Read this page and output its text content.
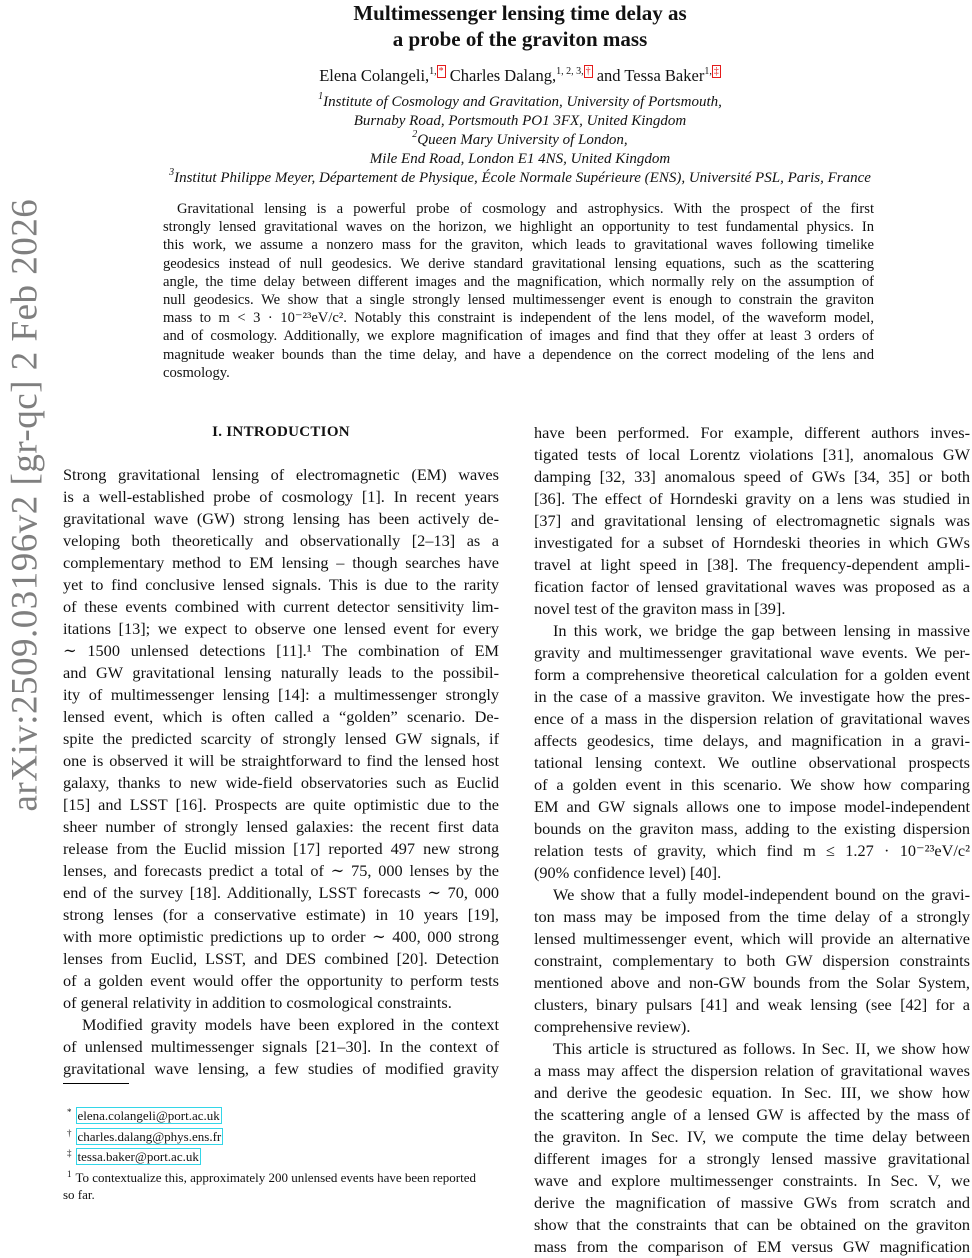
arXiv:2509.03196v2 [gr-qc] 2 Feb 2026
Multimessenger lensing time delay as
a probe of the graviton mass
Elena Colangeli,$^{1,}$ * Charles Dalang,$^{1, 2, 3,}$ † and Tessa Baker$^{1,}$ ‡
$^1$Institute of Cosmology and Gravitation, University of Portsmouth,
Burnaby Road, Portsmouth PO1 3FX, United Kingdom
$^2$Queen Mary University of London,
Mile End Road, London E1 4NS, United Kingdom
$^3$Institut Philippe Meyer, Département de Physique, École Normale Supérieure (ENS), Université PSL, Paris, France
Gravitational lensing is a powerful probe of cosmology and astrophysics. With the prospect of the first
strongly lensed gravitational waves on the horizon, we highlight an opportunity to test fundamental physics. In
this work, we assume a nonzero mass for the graviton, which leads to gravitational waves following timelike
geodesics instead of null geodesics. We derive standard gravitational lensing equations, such as the scattering
angle, the time delay between different images and the magnification, which normally rely on the assumption of
null geodesics. We show that a single strongly lensed multimessenger event is enough to constrain the graviton
mass to m < 3 · 10⁻²³eV/c². Notably this constraint is independent of the lens model, of the waveform model,
and of cosmology. Additionally, we explore magnification of images and find that they offer at least 3 orders of
magnitude weaker bounds than the time delay, and have a dependence on the correct modeling of the lens and
cosmology.
I. INTRODUCTION
Strong gravitational lensing of electromagnetic (EM) waves
is a well-established probe of cosmology [1]. In recent years
gravitational wave (GW) strong lensing has been actively de-
veloping both theoretically and observationally [2–13] as a
complementary method to EM lensing – though searches have
yet to find conclusive lensed signals. This is due to the rarity
of these events combined with current detector sensitivity lim-
itations [13]; we expect to observe one lensed event for every
∼ 1500 unlensed detections [11].¹ The combination of EM
and GW gravitational lensing naturally leads to the possibil-
ity of multimessenger lensing [14]: a multimessenger strongly
lensed event, which is often called a “golden” scenario. De-
spite the predicted scarcity of strongly lensed GW signals, if
one is observed it will be straightforward to find the lensed host
galaxy, thanks to new wide-field observatories such as Euclid
[15] and LSST [16]. Prospects are quite optimistic due to the
sheer number of strongly lensed galaxies: the recent first data
release from the Euclid mission [17] reported 497 new strong
lenses, and forecasts predict a total of ∼ 75, 000 lenses by the
end of the survey [18]. Additionally, LSST forecasts ∼ 70, 000
strong lenses (for a conservative estimate) in 10 years [19],
with more optimistic predictions up to order ∼ 400, 000 strong
lenses from Euclid, LSST, and DES combined [20]. Detection
of a golden event would offer the opportunity to perform tests
of general relativity in addition to cosmological constraints.
Modified gravity models have been explored in the context
of unlensed multimessenger signals [21–30]. In the context of
gravitational wave lensing, a few studies of modified gravity
have been performed. For example, different authors inves-
tigated tests of local Lorentz violations [31], anomalous GW
damping [32, 33] anomalous speed of GWs [34, 35] or both
[36]. The effect of Horndeski gravity on a lens was studied in
[37] and gravitational lensing of electromagnetic signals was
investigated for a subset of Horndeski theories in which GWs
travel at light speed in [38]. The frequency-dependent ampli-
fication factor of lensed gravitational waves was proposed as a
novel test of the graviton mass in [39].
In this work, we bridge the gap between lensing in massive
gravity and multimessenger gravitational wave events. We per-
form a comprehensive theoretical calculation for a golden event
in the case of a massive graviton. We investigate how the pres-
ence of a mass in the dispersion relation of gravitational waves
affects geodesics, time delays, and magnification in a gravi-
tational lensing context. We outline observational prospects
of a golden event in this scenario. We show how comparing
EM and GW signals allows one to impose model-independent
bounds on the graviton mass, adding to the existing dispersion
relation tests of gravity, which find m ≤ 1.27 · 10⁻²³eV/c²
(90% confidence level) [40].
We show that a fully model-independent bound on the gravi-
ton mass may be imposed from the time delay of a strongly
lensed multimessenger event, which will provide an alternative
constraint, complementary to both GW dispersion constraints
mentioned above and non-GW bounds from the Solar System,
clusters, binary pulsars [41] and weak lensing (see [42] for a
comprehensive review).
This article is structured as follows. In Sec. II, we show how
a mass may affect the dispersion relation of gravitational waves
and derive the geodesic equation. In Sec. III, we show how
the scattering angle of a lensed GW is affected by the mass of
the graviton. In Sec. IV, we compute the time delay between
different images for a strongly lensed massive gravitational
wave and explore multimessenger constraints. In Sec. V, we
derive the magnification of massive GWs from scratch and
show that the constraints that can be obtained on the graviton
mass from the comparison of EM versus GW magnification
* elena.colangeli@port.ac.uk
† charles.dalang@phys.ens.fr
‡ tessa.baker@port.ac.uk
$^1$ To contextualize this, approximately 200 unlensed events have been reported
so far.
